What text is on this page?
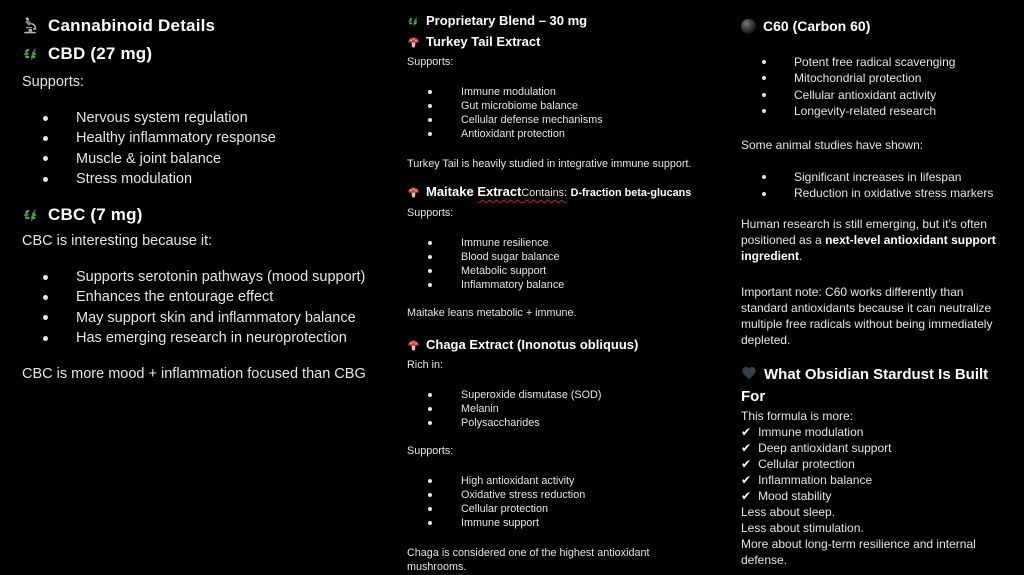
Cannabinoid Details
CBD (27 mg)

Supports:

Nervous system regulation
Healthy inflammatory response
Muscle & joint balance
Stress modulation
CBC (7 mg)

CBC is interesting because it:

Supports serotonin pathways (mood support)
Enhances the entourage effect
May support skin and inflammatory balance
Has emerging research in neuroprotection

CBC is more mood + inflammation focused than CBG

Proprietary Blend – 30 mg
Turkey Tail Extract

Supports:

Immune modulation
Gut microbiome balance
Cellular defense mechanisms
Antioxidant protection

Turkey Tail is heavily studied in integrative immune support.

Maitake ExtractContains: D-fraction beta-glucans

Supports:

Immune resilience
Blood sugar balance
Metabolic support
Inflammatory balance

Maitake leans metabolic + immune.

Chaga Extract (Inonotus obliquus)

Rich in:

Superoxide dismutase (SOD)
Melanin
Polysaccharides

Supports:

High antioxidant activity
Oxidative stress reduction
Cellular protection
Immune support

Chaga is considered one of the highest antioxidant mushrooms.

C60 (Carbon 60)
Potent free radical scavenging
Mitochondrial protection
Cellular antioxidant activity
Longevity-related research

Some animal studies have shown:

Significant increases in lifespan
Reduction in oxidative stress markers

Human research is still emerging, but it’s often positioned as a next-level antioxidant support ingredient.

Important note: C60 works differently than standard antioxidants because it can neutralize multiple free radicals without being immediately depleted.

What Obsidian Stardust Is Built For

This formula is more:

✔ Immune modulation
✔ Deep antioxidant support
✔ Cellular protection
✔ Inflammation balance
✔ Mood stability
Less about sleep.
Less about stimulation.
More about long-term resilience and internal defense.
